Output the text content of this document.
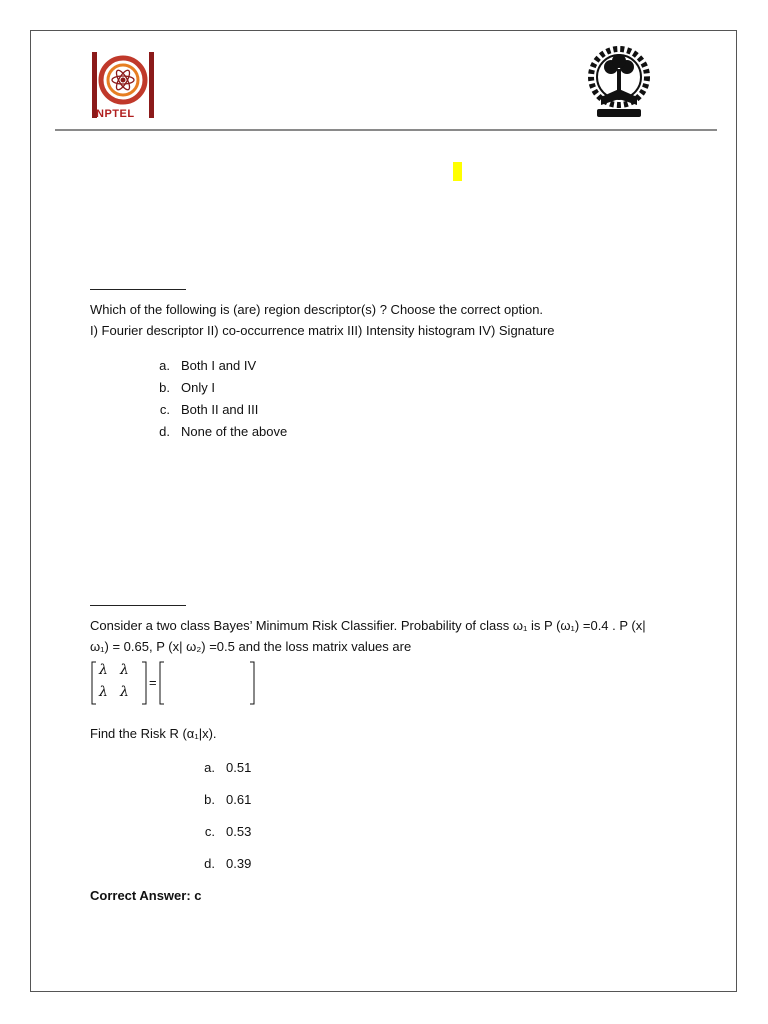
NPTEL
Which of the following is (are) region descriptor(s) ? Choose the correct option.
I) Fourier descriptor II) co-occurrence matrix III) Intensity histogram IV) Signature
a. Both I and IV
b. Only I
c. Both II and III
d. None of the above
Consider a two class Bayes’ Minimum Risk Classifier. Probability of class ω₁ is P (ω₁) =0.4 . P (x|
ω₁) = 0.65, P (x| ω₂) =0.5 and the loss matrix values are
λ λ
λ λ
=
Find the Risk R (α₁|x).
a. 0.51
b. 0.61
c. 0.53
d. 0.39
Correct Answer: c
